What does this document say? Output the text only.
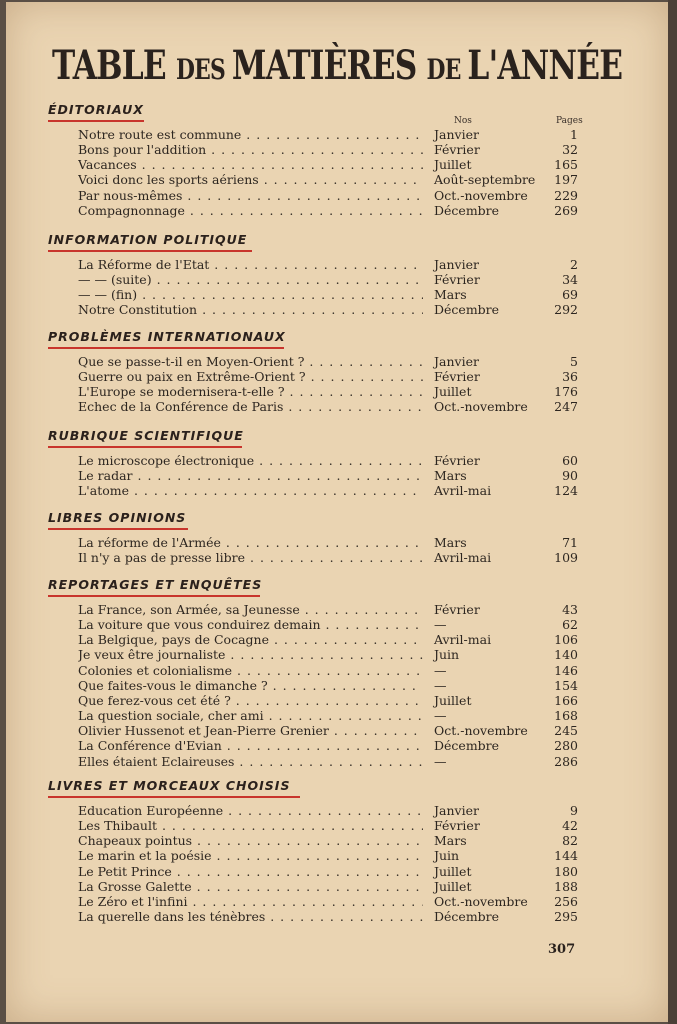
TABLE DES MATIÈRES DE L'ANNÉE
Nos	Pages
ÉDITORIAUX
Notre route est commune . . .	Janvier	1
Bons pour l'addition . . .	Février	32
Vacances . . .	Juillet	165
Voici donc les sports aériens . . .	Août-septembre 197
Par nous-mêmes . . .	Oct.-novembre 229
Compagnonnage . . .	Décembre	269
INFORMATION POLITIQUE
La Réforme de l'Etat . . .	Janvier	2
— — (suite) . . .	Février	34
— — (fin) . . .	Mars	69
Notre Constitution . . .	Décembre	292
PROBLÈMES INTERNATIONAUX
Que se passe-t-il en Moyen-Orient ? . . .	Janvier	5
Guerre ou paix en Extrême-Orient ? . . .	Février	36
L'Europe se modernisera-t-elle ? . . .	Juillet	176
Echec de la Conférence de Paris . . .	Oct.-novembre 247
RUBRIQUE SCIENTIFIQUE
Le microscope électronique . . .	Février	60
Le radar . . .	Mars	90
L'atome . . .	Avril-mai	124
LIBRES OPINIONS
La réforme de l'Armée . . .	Mars	71
Il n'y a pas de presse libre . . .	Avril-mai	109
REPORTAGES ET ENQUÊTES
La France, son Armée, sa Jeunesse . . .	Février	43
La voiture que vous conduirez demain . . .	—	62
La Belgique, pays de Cocagne . . .	Avril-mai	106
Je veux être journaliste . . .	Juin	140
Colonies et colonialisme . . .	—	146
Que faites-vous le dimanche ? . . .	—	154
Que ferez-vous cet été ? . . .	Juillet	166
La question sociale, cher ami . . .	—	168
Olivier Hussenot et Jean-Pierre Grenier . . .	Oct.-novembre 245
La Conférence d'Evian . . .	Décembre	280
Elles étaient Eclaireuses . . .	—	286
LIVRES ET MORCEAUX CHOISIS
Education Européenne . . .	Janvier	9
Les Thibault . . .	Février	42
Chapeaux pointus . . .	Mars	82
Le marin et la poésie . . .	Juin	144
Le Petit Prince . . .	Juillet	180
La Grosse Galette . . .	Juillet	188
Le Zéro et l'infini . . .	Oct.-novembre 256
La querelle dans les ténèbres . . .	Décembre	295
307
